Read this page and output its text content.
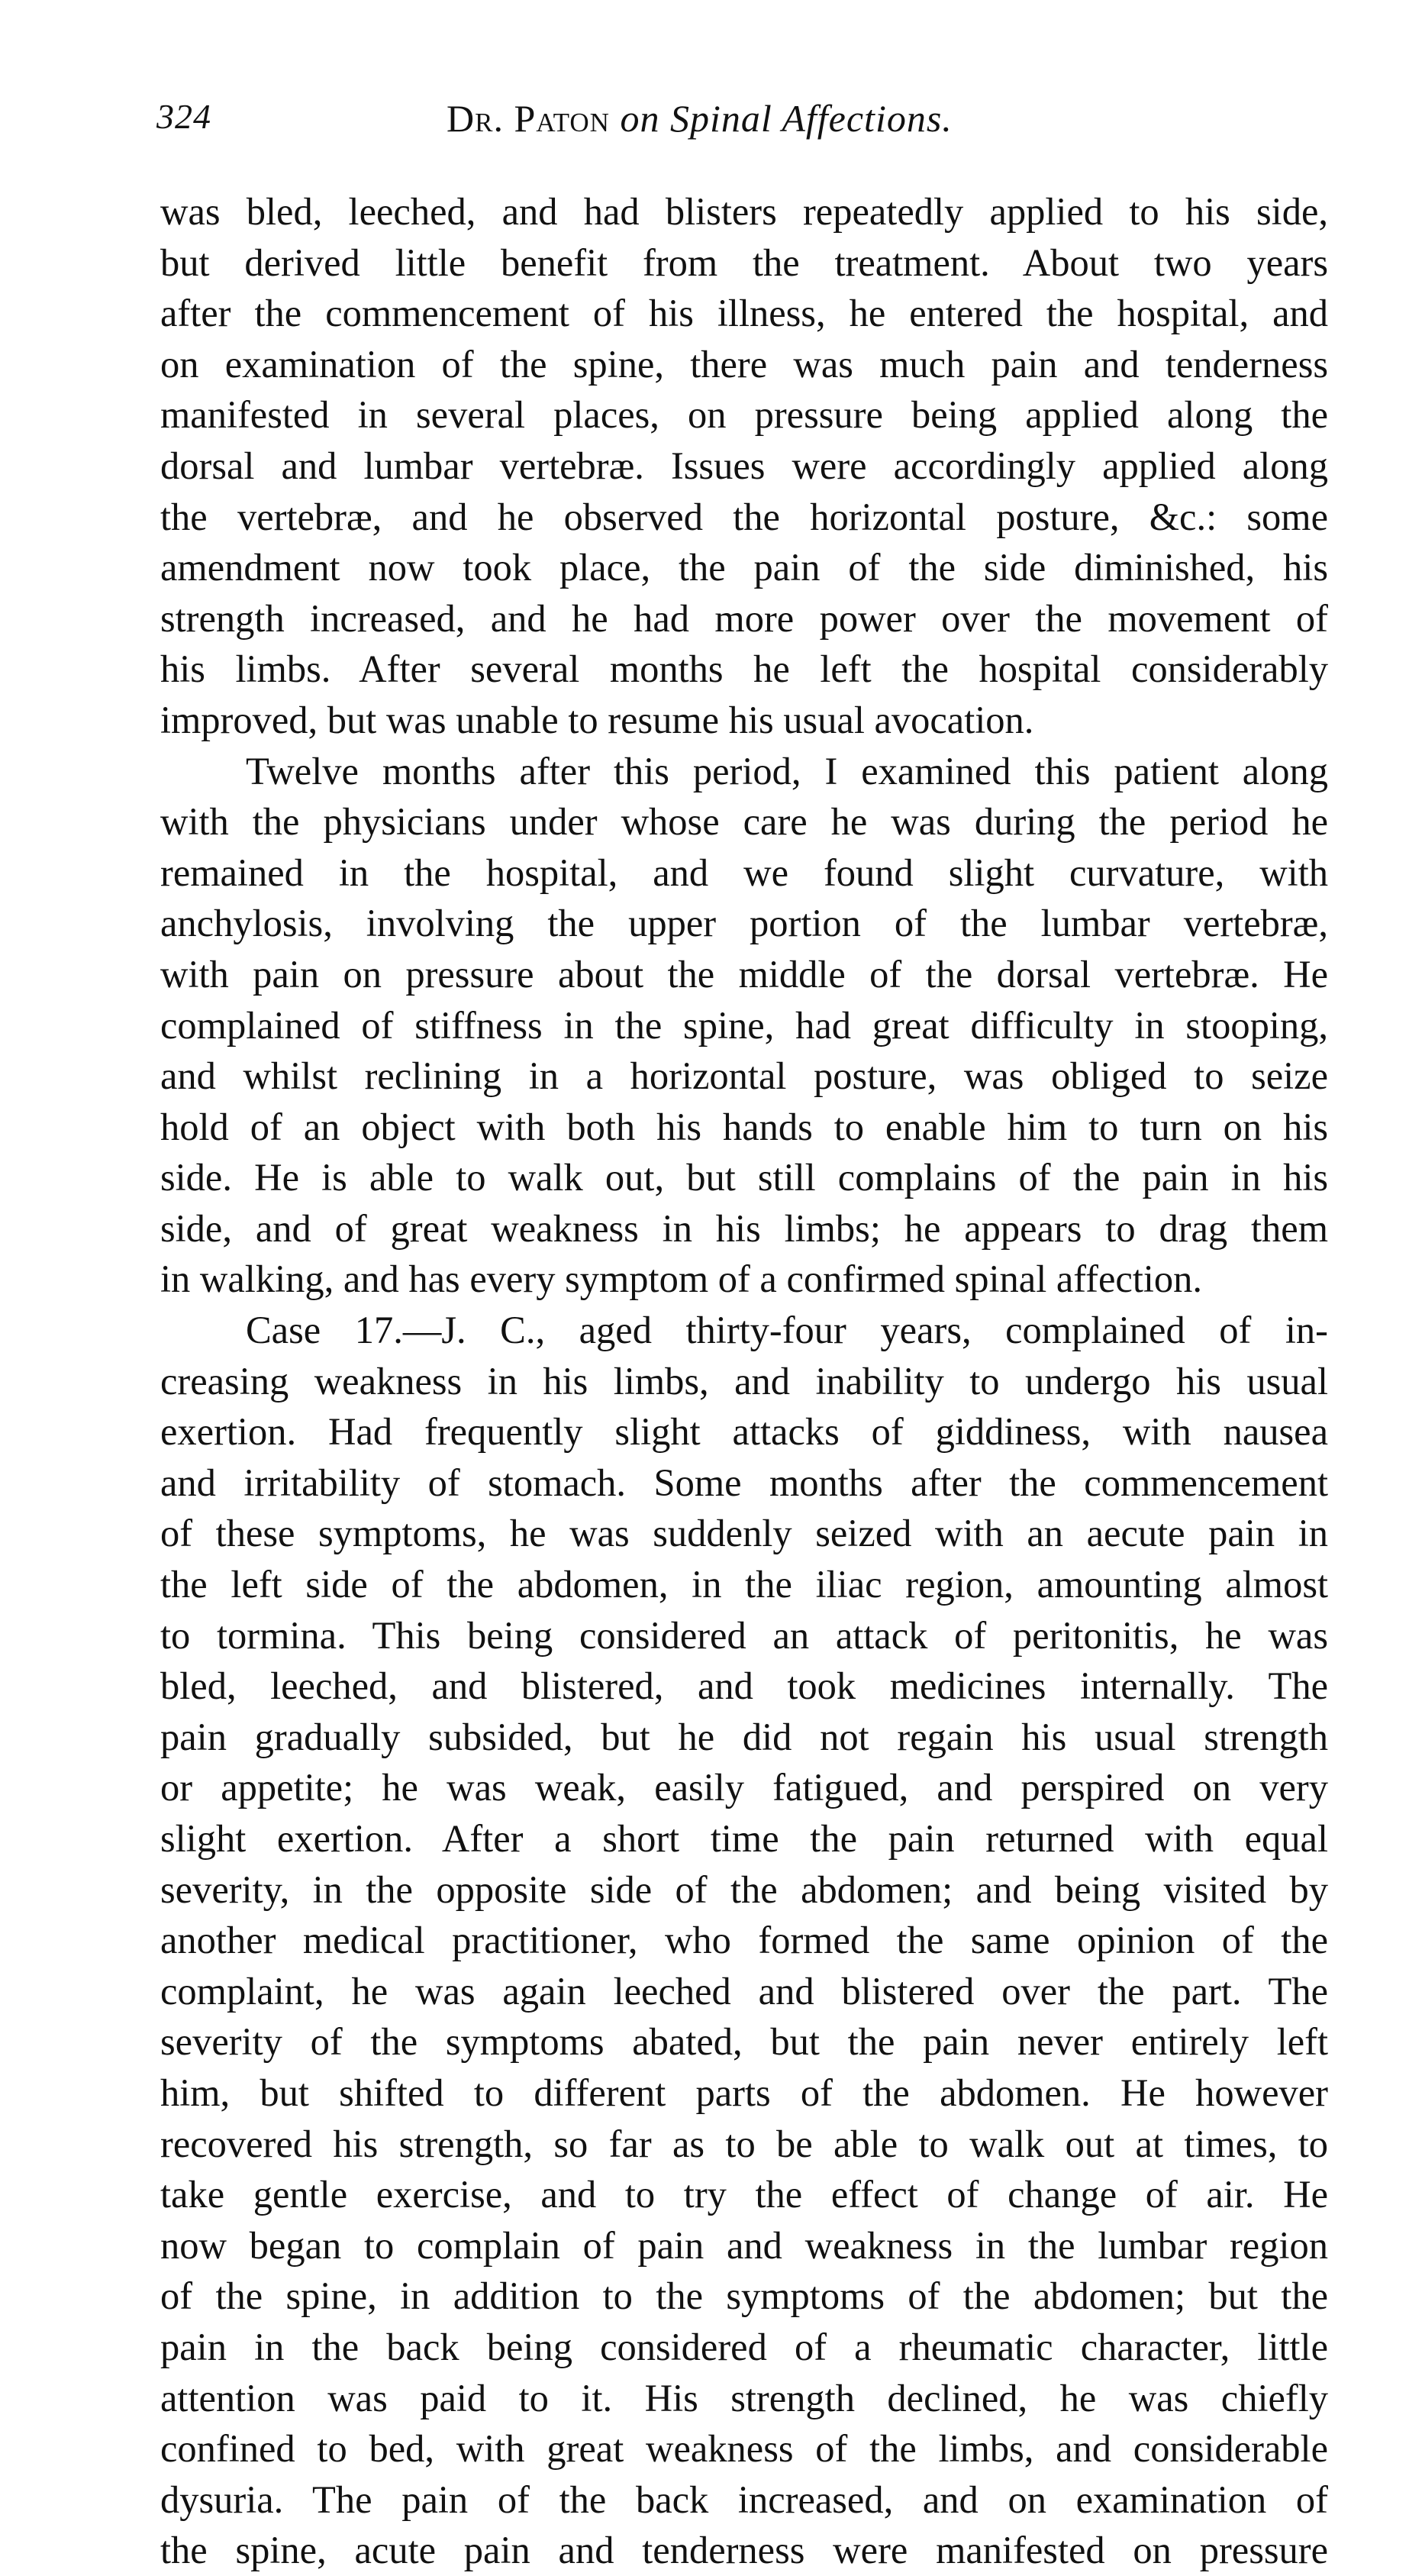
324	Dr. Paton on Spinal Affections.
was bled, leeched, and had blisters repeatedly applied to his side,
but derived little benefit from the treatment. About two years
after the commencement of his illness, he entered the hospital, and
on examination of the spine, there was much pain and tenderness
manifested in several places, on pressure being applied along the
dorsal and lumbar vertebræ. Issues were accordingly applied along
the vertebræ, and he observed the horizontal posture, &c.: some
amendment now took place, the pain of the side diminished, his
strength increased, and he had more power over the movement of
his limbs. After several months he left the hospital considerably
improved, but was unable to resume his usual avocation.
Twelve months after this period, I examined this patient along
with the physicians under whose care he was during the period he
remained in the hospital, and we found slight curvature, with
anchylosis, involving the upper portion of the lumbar vertebræ,
with pain on pressure about the middle of the dorsal vertebræ. He
complained of stiffness in the spine, had great difficulty in stooping,
and whilst reclining in a horizontal posture, was obliged to seize
hold of an object with both his hands to enable him to turn on his
side. He is able to walk out, but still complains of the pain in his
side, and of great weakness in his limbs; he appears to drag them
in walking, and has every symptom of a confirmed spinal affection.
Case 17.—J. C., aged thirty-four years, complained of in-
creasing weakness in his limbs, and inability to undergo his usual
exertion. Had frequently slight attacks of giddiness, with nausea
and irritability of stomach. Some months after the commencement
of these symptoms, he was suddenly seized with an aecute pain in
the left side of the abdomen, in the iliac region, amounting almost
to tormina. This being considered an attack of peritonitis, he was
bled, leeched, and blistered, and took medicines internally. The
pain gradually subsided, but he did not regain his usual strength
or appetite; he was weak, easily fatigued, and perspired on very
slight exertion. After a short time the pain returned with equal
severity, in the opposite side of the abdomen; and being visited by
another medical practitioner, who formed the same opinion of the
complaint, he was again leeched and blistered over the part. The
severity of the symptoms abated, but the pain never entirely left
him, but shifted to different parts of the abdomen. He however
recovered his strength, so far as to be able to walk out at times, to
take gentle exercise, and to try the effect of change of air. He
now began to complain of pain and weakness in the lumbar region
of the spine, in addition to the symptoms of the abdomen; but the
pain in the back being considered of a rheumatic character, little
attention was paid to it. His strength declined, he was chiefly
confined to bed, with great weakness of the limbs, and considerable
dysuria. The pain of the back increased, and on examination of
the spine, acute pain and tenderness were manifested on pressure
